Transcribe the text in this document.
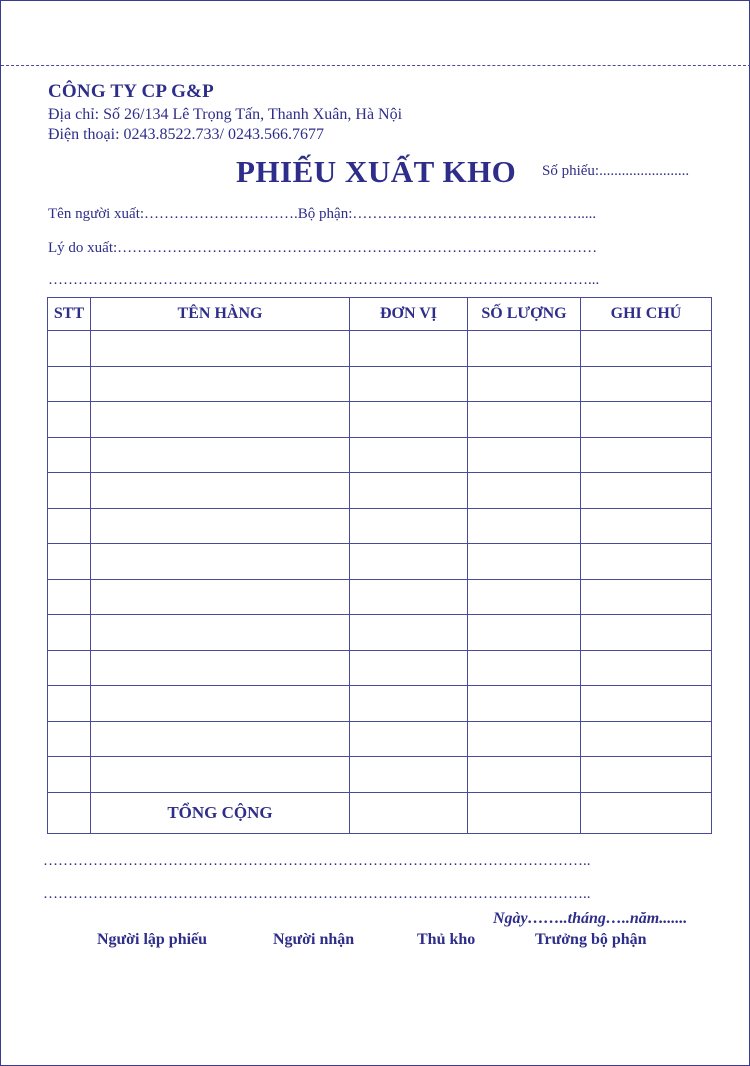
CÔNG TY CP G&P
Địa chỉ: Số 26/134 Lê Trọng Tấn, Thanh Xuân, Hà Nội
Điện thoại: 0243.8522.733/ 0243.566.7677
PHIẾU XUẤT KHO Số phiếu:........................
Tên người xuất:………………………….Bộ phận:……………………………………….....
Lý do xuất:……………………………………………………………………………………
………………………………………………………………………………………………...
STT	TÊN HÀNG	ĐƠN VỊ	SỐ LƯỢNG	GHI CHÚ

	TỔNG CỘNG			
………………………………………………………………………………………………..
………………………………………………………………………………………………..
Ngày……..tháng…..năm.......
Người lập phiếu	Người nhận	Thủ kho	Trưởng bộ phận
